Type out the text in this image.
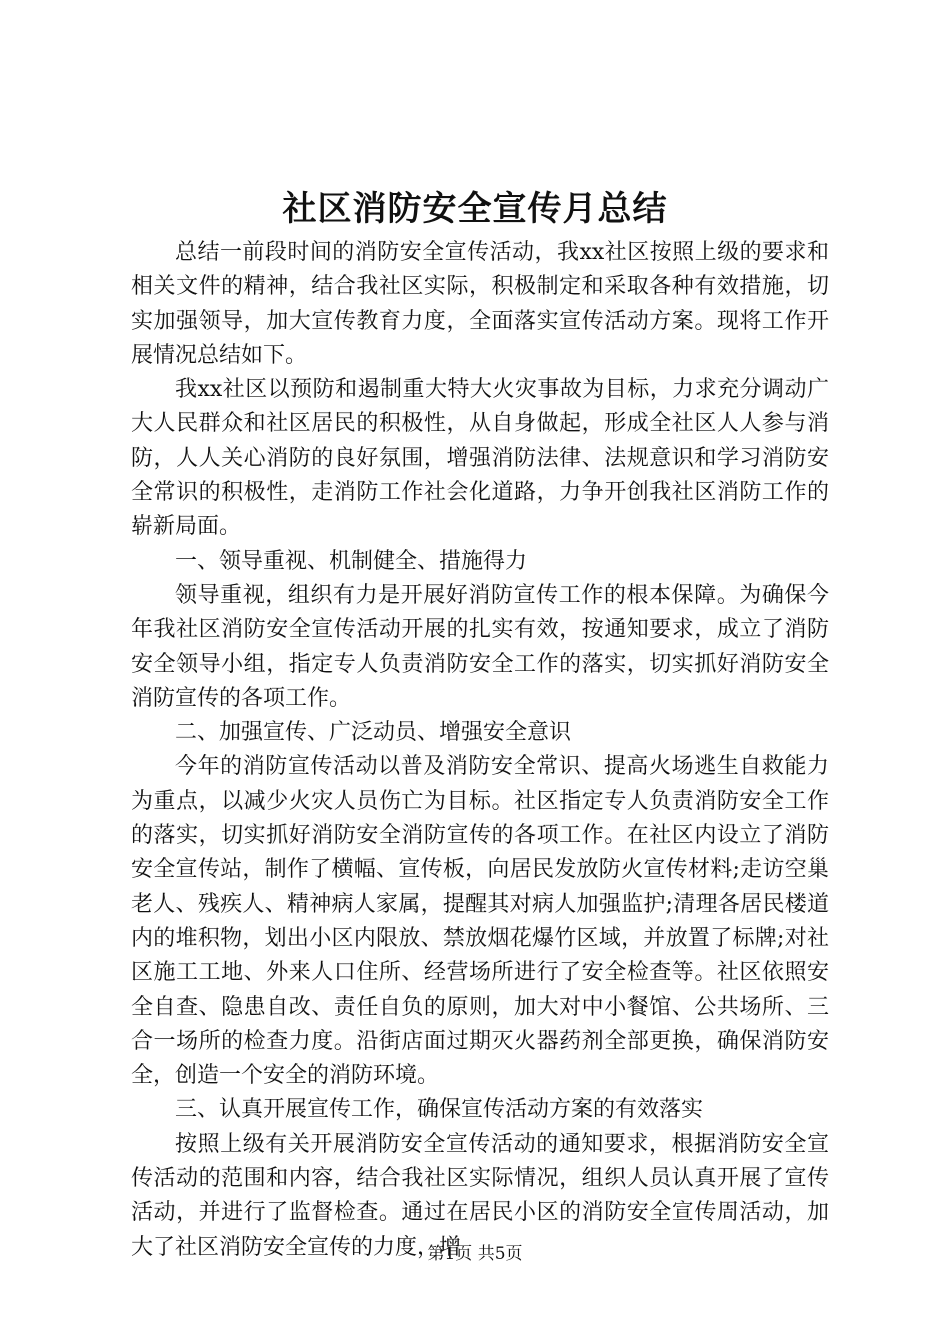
社区消防安全宣传月总结

总结一前段时间的消防安全宣传活动，我xx社区按照上级的要求和相关文件的精神，结合我社区实际，积极制定和采取各种有效措施，切实加强领导，加大宣传教育力度，全面落实宣传活动方案。现将工作开展情况总结如下。

我xx社区以预防和遏制重大特大火灾事故为目标，力求充分调动广大人民群众和社区居民的积极性，从自身做起，形成全社区人人参与消防，人人关心消防的良好氛围，增强消防法律、法规意识和学习消防安全常识的积极性，走消防工作社会化道路，力争开创我社区消防工作的崭新局面。

一、领导重视、机制健全、措施得力

领导重视，组织有力是开展好消防宣传工作的根本保障。为确保今年我社区消防安全宣传活动开展的扎实有效，按通知要求，成立了消防安全领导小组，指定专人负责消防安全工作的落实，切实抓好消防安全消防宣传的各项工作。

二、加强宣传、广泛动员、增强安全意识

今年的消防宣传活动以普及消防安全常识、提高火场逃生自救能力为重点，以减少火灾人员伤亡为目标。社区指定专人负责消防安全工作的落实，切实抓好消防安全消防宣传的各项工作。在社区内设立了消防安全宣传站，制作了横幅、宣传板，向居民发放防火宣传材料;走访空巢老人、残疾人、精神病人家属，提醒其对病人加强监护;清理各居民楼道内的堆积物，划出小区内限放、禁放烟花爆竹区域，并放置了标牌;对社区施工工地、外来人口住所、经营场所进行了安全检查等。社区依照安全自查、隐患自改、责任自负的原则，加大对中小餐馆、公共场所、三合一场所的检查力度。沿街店面过期灭火器药剂全部更换，确保消防安全，创造一个安全的消防环境。

三、认真开展宣传工作，确保宣传活动方案的有效落实

按照上级有关开展消防安全宣传活动的通知要求，根据消防安全宣传活动的范围和内容，结合我社区实际情况，组织人员认真开展了宣传活动，并进行了监督检查。通过在居民小区的消防安全宣传周活动，加大了社区消防安全宣传的力度，增

第1页 共5页
